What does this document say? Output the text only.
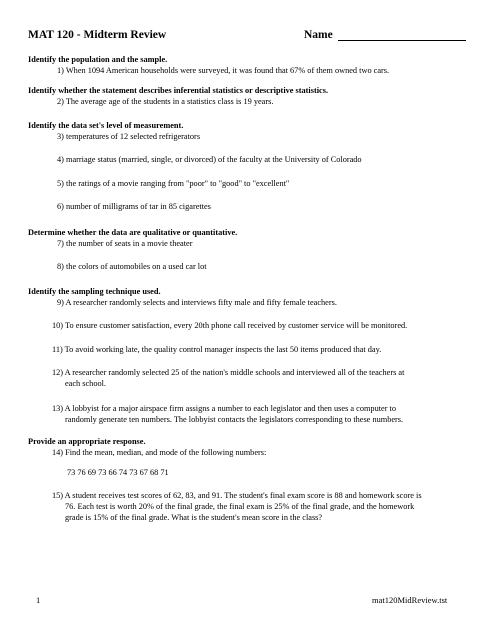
MAT 120 - Midterm Review	Name
Identify the population and the sample.
1) When 1094 American households were surveyed, it was found that 67% of them owned two cars.
Identify whether the statement describes inferential statistics or descriptive statistics.
2) The average age of the students in a statistics class is 19 years.
Identify the data set's level of measurement.
3) temperatures of 12 selected refrigerators
4) marriage status (married, single, or divorced) of the faculty at the University of Colorado
5) the ratings of a movie ranging from "poor" to "good" to "excellent"
6) number of milligrams of tar in 85 cigarettes
Determine whether the data are qualitative or quantitative.
7) the number of seats in a movie theater
8) the colors of automobiles on a used car lot
Identify the sampling technique used.
9) A researcher randomly selects and interviews fifty male and fifty female teachers.
10) To ensure customer satisfaction, every 20th phone call received by customer service will be monitored.
11) To avoid working late, the quality control manager inspects the last 50 items produced that day.
12) A researcher randomly selected 25 of the nation's middle schools and interviewed all of the teachers at
each school.
13) A lobbyist for a major airspace firm assigns a number to each legislator and then uses a computer to
randomly generate ten numbers. The lobbyist contacts the legislators corresponding to these numbers.
Provide an appropriate response.
14) Find the mean, median, and mode of the following numbers:
73 76 69 73 66 74 73 67 68 71
15) A student receives test scores of 62, 83, and 91. The student's final exam score is 88 and homework score is
76. Each test is worth 20% of the final grade, the final exam is 25% of the final grade, and the homework
grade is 15% of the final grade. What is the student's mean score in the class?
1	mat120MidReview.tst
